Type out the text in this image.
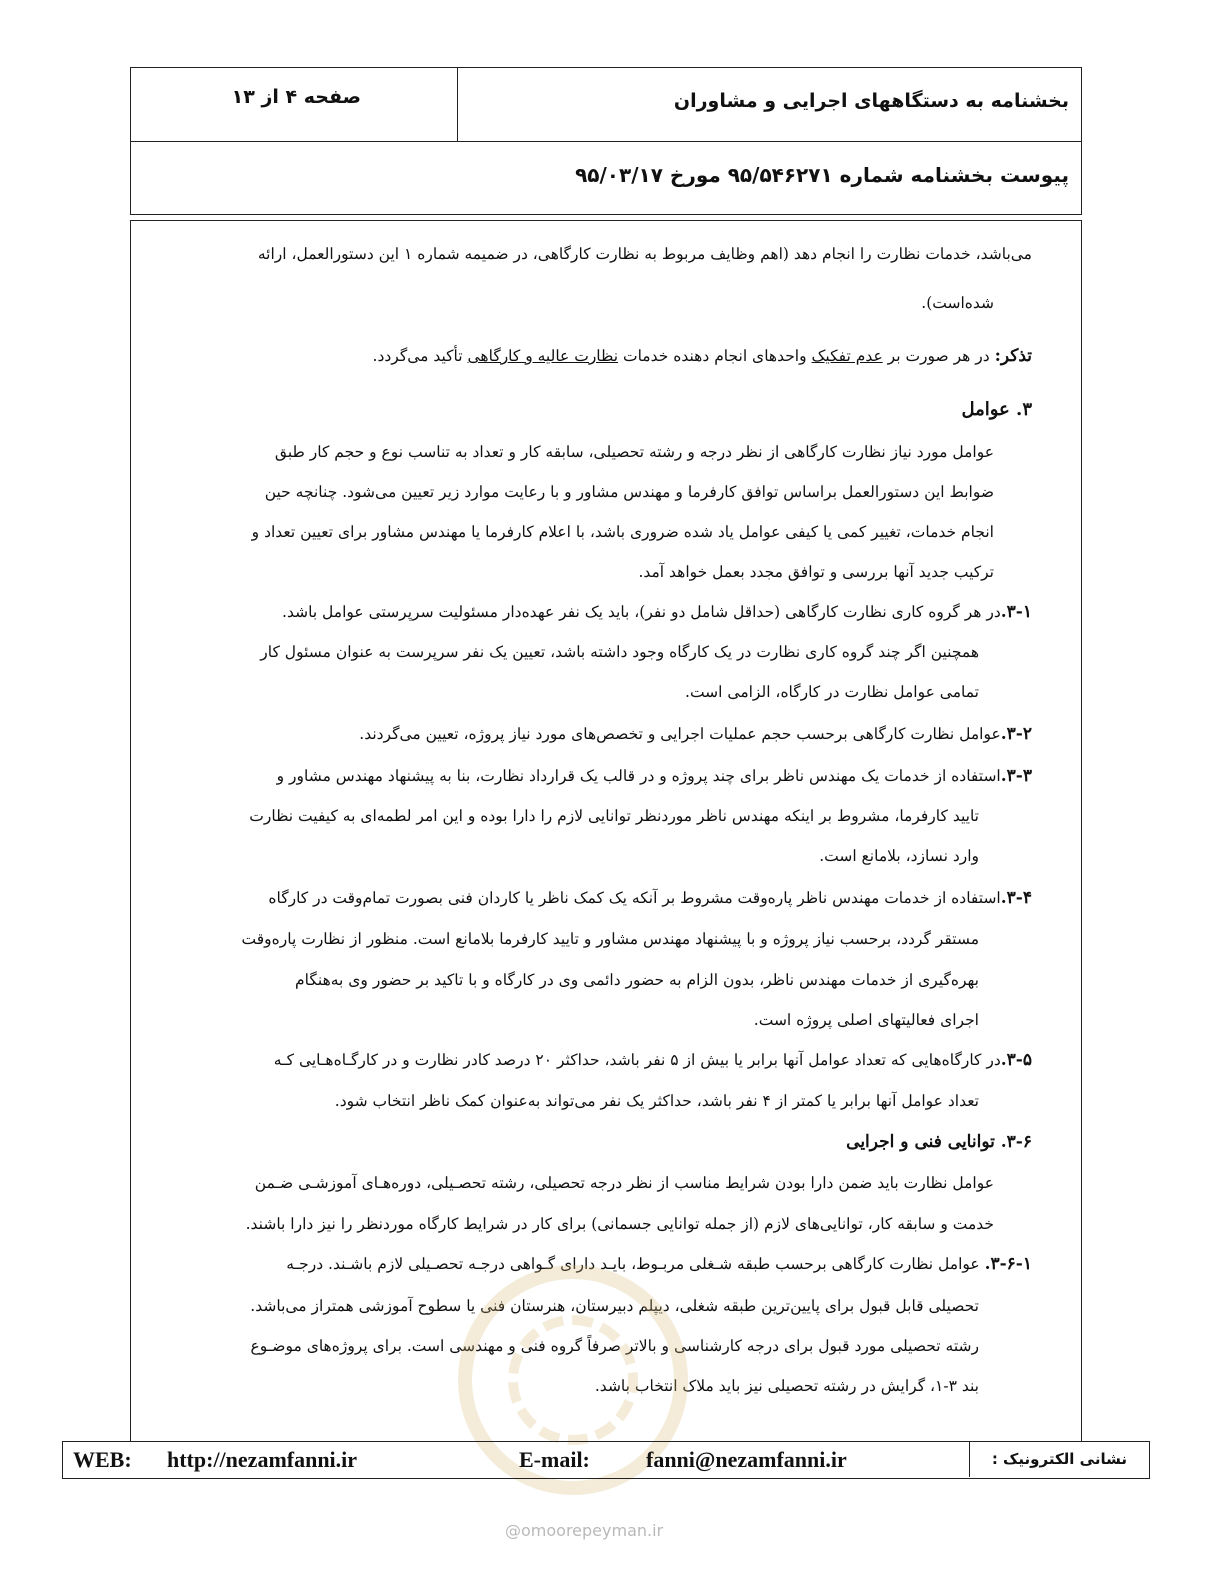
بخشنامه به دستگاههای اجرایی و مشاوران
صفحه ۴ از ۱۳
پیوست بخشنامه شماره ۹۵/۵۴۶۲۷۱ مورخ ۹۵/۰۳/۱۷
می‌باشد، خدمات نظارت را انجام دهد (اهم وظایف مربوط به نظارت کارگاهی، در ضمیمه شماره ۱ این دستورالعمل، ارائه
شده‌است).
تذکر: در هر صورت بر عدم تفکیک واحدهای انجام دهنده خدمات نظارت عالیه و کارگاهی تأکید می‌گردد.
۳. عوامل
عوامل مورد نیاز نظارت کارگاهی از نظر درجه و رشته تحصیلی، سابقه کار و تعداد به تناسب نوع و حجم کار طبق
ضوابط این دستورالعمل براساس توافق کارفرما و مهندس مشاور و با رعایت موارد زیر تعیین می‌شود. چنانچه حین
انجام خدمات، تغییر کمی یا کیفی عوامل یاد شده ضروری باشد، با اعلام کارفرما یا مهندس مشاور برای تعیین تعداد و
ترکیب جدید آنها بررسی و توافق مجدد بعمل خواهد آمد.
۳-۱.در هر گروه کاری نظارت کارگاهی (حداقل شامل دو نفر)، باید یک نفر عهده‌دار مسئولیت سرپرستی عوامل باشد.
همچنین اگر چند گروه کاری نظارت در یک کارگاه وجود داشته باشد، تعیین یک نفر سرپرست به عنوان مسئول کار
تمامی عوامل نظارت در کارگاه، الزامی است.
۳-۲.عوامل نظارت کارگاهی برحسب حجم عملیات اجرایی و تخصص‌های مورد نیاز پروژه، تعیین می‌گردند.
۳-۳.استفاده از خدمات یک مهندس ناظر برای چند پروژه و در قالب یک قرارداد نظارت، بنا به پیشنهاد مهندس مشاور و
تایید کارفرما، مشروط بر اینکه مهندس ناظر موردنظر توانایی لازم را دارا بوده و این امر لطمه‌ای به کیفیت نظارت
وارد نسازد، بلامانع است.
۳-۴.استفاده از خدمات مهندس ناظر پاره‌وقت مشروط بر آنکه یک کمک ناظر یا کاردان فنی بصورت تمام‌وقت در کارگاه
مستقر گردد، برحسب نیاز پروژه و با پیشنهاد مهندس مشاور و تایید کارفرما بلامانع است. منظور از نظارت پاره‌وقت
بهره‌گیری از خدمات مهندس ناظر، بدون الزام به حضور دائمی وی در کارگاه و با تاکید بر حضور وی به‌هنگام
اجرای فعالیتهای اصلی پروژه است.
۳-۵.در کارگاه‌هایی که تعداد عوامل آنها برابر یا بیش از ۵ نفر باشد، حداکثر ۲۰ درصد کادر نظارت و در کارگـاه‌هـایی کـه
تعداد عوامل آنها برابر یا کمتر از ۴ نفر باشد، حداکثر یک نفر می‌تواند به‌عنوان کمک ناظر انتخاب شود.
۳-۶. توانایی فنی و اجرایی
عوامل نظارت باید ضمن دارا بودن شرایط مناسب از نظر درجه تحصیلی، رشته تحصـیلی، دوره‌هـای آموزشـی ضـمن
خدمت و سابقه کار، توانایی‌های لازم (از جمله توانایی جسمانی) برای کار در شرایط کارگاه موردنظر را نیز دارا باشند.
۳-۶-۱. عوامل نظارت کارگاهی برحسب طبقه شـغلی مربـوط، بایـد دارای گـواهی درجـه تحصـیلی لازم باشـند. درجـه
تحصیلی قابل قبول برای پایین‌ترین طبقه شغلی، دیپلم دبیرستان، هنرستان فنی یا سطوح آموزشی همتراز می‌باشد.
رشته تحصیلی مورد قبول برای درجه کارشناسی و بالاتر صرفاً گروه فنی و مهندسی است. برای پروژه‌های موضـوع
بند ۳-۱، گرایش در رشته تحصیلی نیز باید ملاک انتخاب باشد.
نشانی الکترونیک :
WEB: http://nezamfanni.ir	E-mail:	fanni@nezamfanni.ir
@omoorepeyman.ir
